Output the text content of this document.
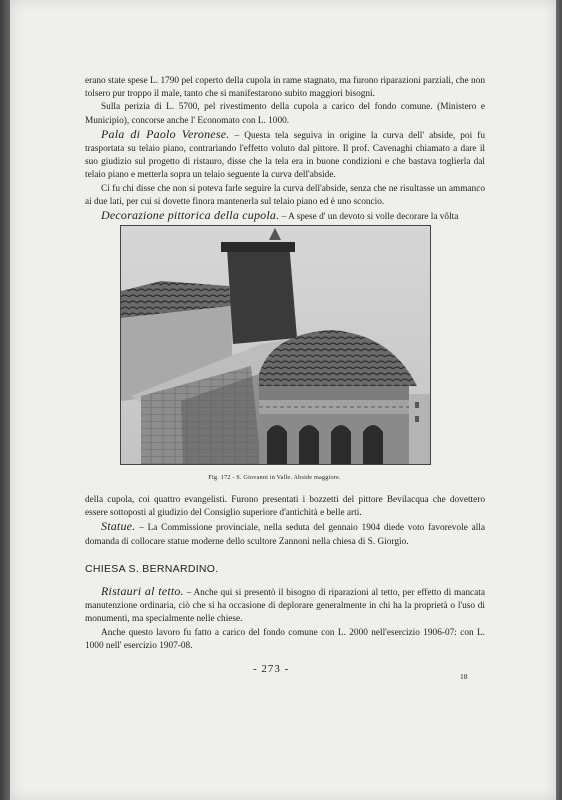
erano state spese L. 1790 pel coperto della cupola in rame stagnato, ma furono riparazioni parziali, che non tolsero pur troppo il male, tanto che si manifestarono subito maggiori bisogni.

Sulla perizia di L. 5700, pel rivestimento della cupola a carico del fondo comune. (Ministero e Municipio), concorse anche l' Economato con L. 1000.

Pala di Paolo Veronese. – Questa tela seguiva in origine la curva dell' abside, poi fu trasportata su telaio piano, contrariando l'effetto voluto dal pittore. Il prof. Cavenaghi chiamato a dare il suo giudizio sul progetto di ristauro, disse che la tela era in buone condizioni e che bastava toglierla dal telaio piano e metterla sopra un telaio seguente la curva dell'abside.

Ci fu chi disse che non si poteva farle seguire la curva dell'abside, senza che ne risultasse un ammanco ai due lati, per cui si dovette finora mantenerla sul telaio piano ed è uno sconcio.

Decorazione pittorica della cupola. – A spese d' un devoto si volle decorare la vôlta

Fig. 172 - S. Giovanni in Valle. Abside maggiore.

della cupola, coi quattro evangelisti. Furono presentati i bozzetti del pittore Bevilacqua che dovettero essere sottoposti al giudizio del Consiglio superiore d'antichità e belle arti.

Statue. – La Commissione provinciale, nella seduta del gennaio 1904 diede voto favorevole alla domanda di collocare statue moderne dello scultore Zannoni nella chiesa di S. Giorgio.

CHIESA S. BERNARDINO.

Ristauri al tetto. – Anche qui si presentò il bisogno di riparazioni al tetto, per effetto di mancata manutenzione ordinaria, ciò che si ha occasione di deplorare generalmente in chi ha la proprietà o l'uso di monumenti, ma specialmente nelle chiese.

Anche questo lavoro fu fatto a carico del fondo comune con L. 2000 nell'esercizio 1906-07: con L. 1000 nell' esercizio 1907-08.

- 273 -
18
